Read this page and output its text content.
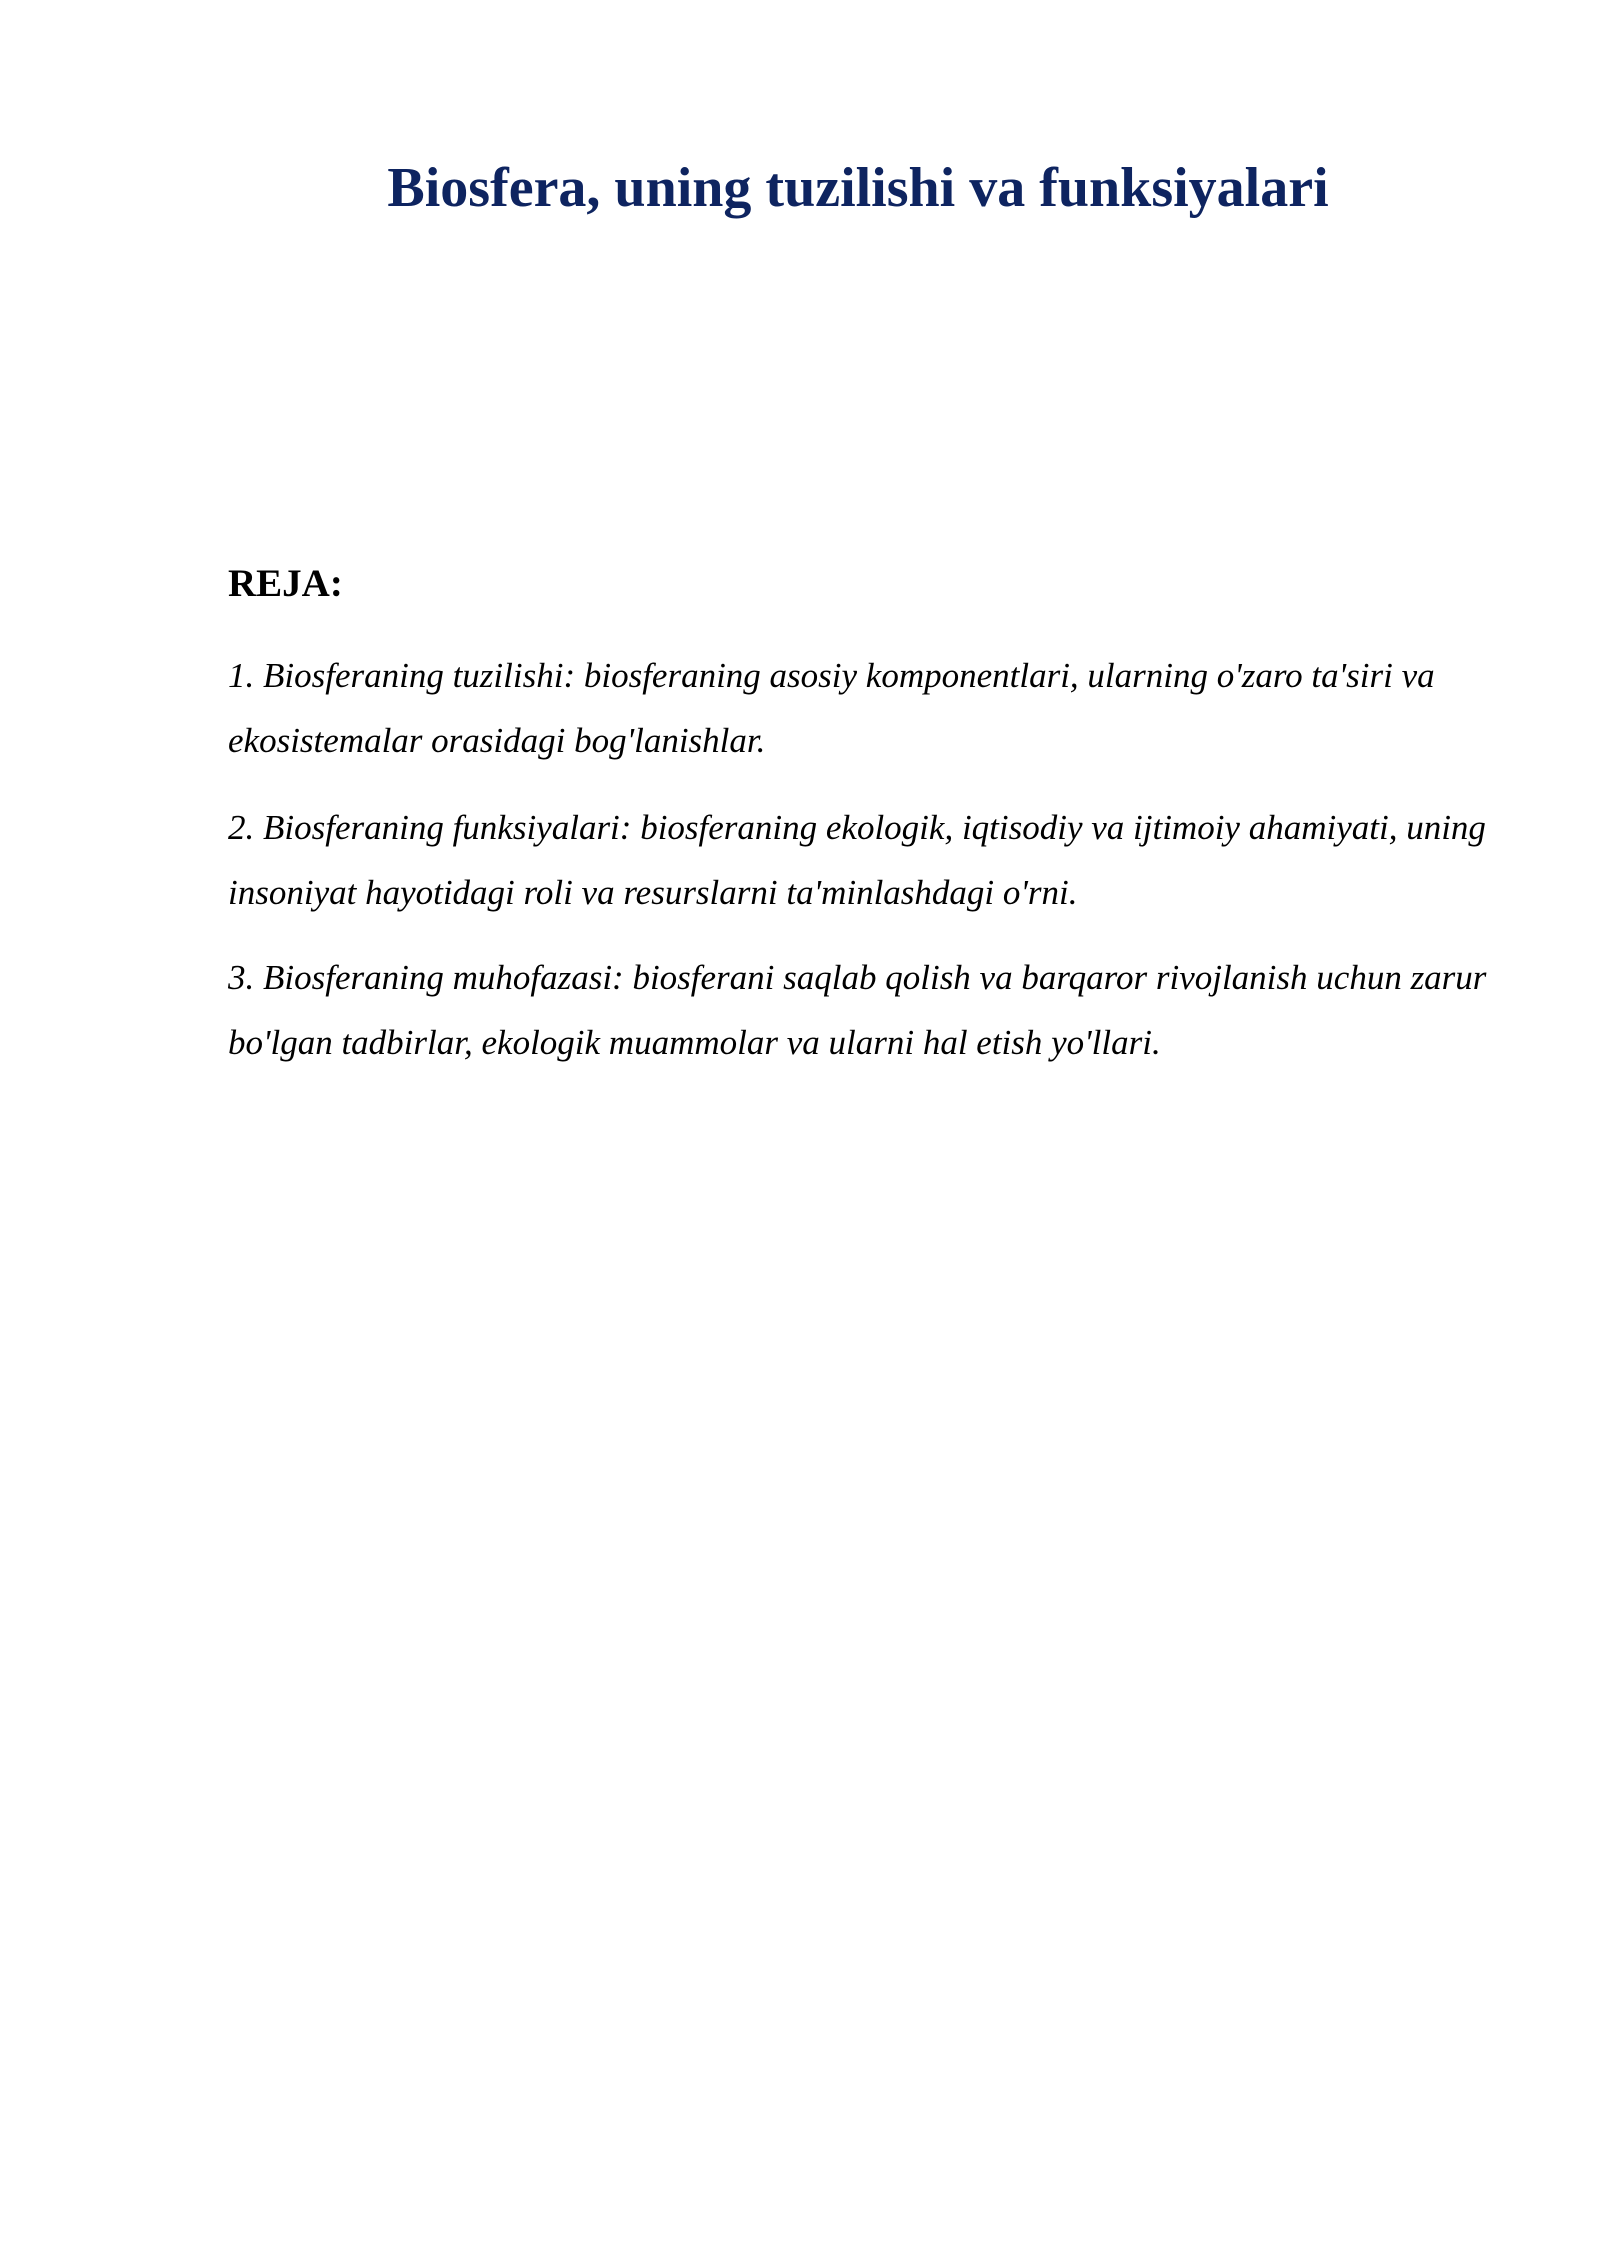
Biosfera, uning tuzilishi va funksiyalari
REJA:

1. Biosferaning tuzilishi: biosferaning asosiy komponentlari, ularning o'zaro ta'siri va ekosistemalar orasidagi bog'lanishlar.

2. Biosferaning funksiyalari: biosferaning ekologik, iqtisodiy va ijtimoiy ahamiyati, uning insoniyat hayotidagi roli va resurslarni ta'minlashdagi o'rni.

3. Biosferaning muhofazasi: biosferani saqlab qolish va barqaror rivojlanish uchun zarur bo'lgan tadbirlar, ekologik muammolar va ularni hal etish yo'llari.
